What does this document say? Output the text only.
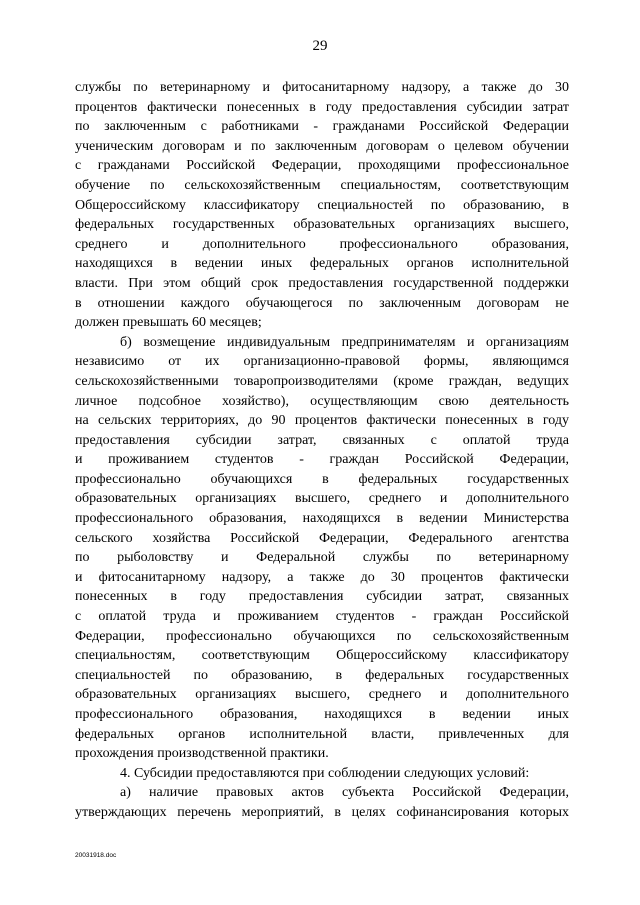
29
службы по ветеринарному и фитосанитарному надзору, а также до 30
процентов фактически понесенных в году предоставления субсидии затрат
по заключенным с работниками - гражданами Российской Федерации
ученическим договорам и по заключенным договорам о целевом обучении
с гражданами Российской Федерации, проходящими профессиональное
обучение по сельскохозяйственным специальностям, соответствующим
Общероссийскому классификатору специальностей по образованию, в
федеральных государственных образовательных организациях высшего,
среднего и дополнительного профессионального образования,
находящихся в ведении иных федеральных органов исполнительной
власти. При этом общий срок предоставления государственной поддержки
в отношении каждого обучающегося по заключенным договорам не
должен превышать 60 месяцев;
б) возмещение индивидуальным предпринимателям и организациям
независимо от их организационно-правовой формы, являющимся
сельскохозяйственными товаропроизводителями (кроме граждан, ведущих
личное подсобное хозяйство), осуществляющим свою деятельность
на сельских территориях, до 90 процентов фактически понесенных в году
предоставления субсидии затрат, связанных с оплатой труда
и проживанием студентов - граждан Российской Федерации,
профессионально обучающихся в федеральных государственных
образовательных организациях высшего, среднего и дополнительного
профессионального образования, находящихся в ведении Министерства
сельского хозяйства Российской Федерации, Федерального агентства
по рыболовству и Федеральной службы по ветеринарному
и фитосанитарному надзору, а также до 30 процентов фактически
понесенных в году предоставления субсидии затрат, связанных
с оплатой труда и проживанием студентов - граждан Российской
Федерации, профессионально обучающихся по сельскохозяйственным
специальностям, соответствующим Общероссийскому классификатору
специальностей по образованию, в федеральных государственных
образовательных организациях высшего, среднего и дополнительного
профессионального образования, находящихся в ведении иных
федеральных органов исполнительной власти, привлеченных для
прохождения производственной практики.
4. Субсидии предоставляются при соблюдении следующих условий:
а) наличие правовых актов субъекта Российской Федерации,
утверждающих перечень мероприятий, в целях софинансирования которых
20031918.doc
